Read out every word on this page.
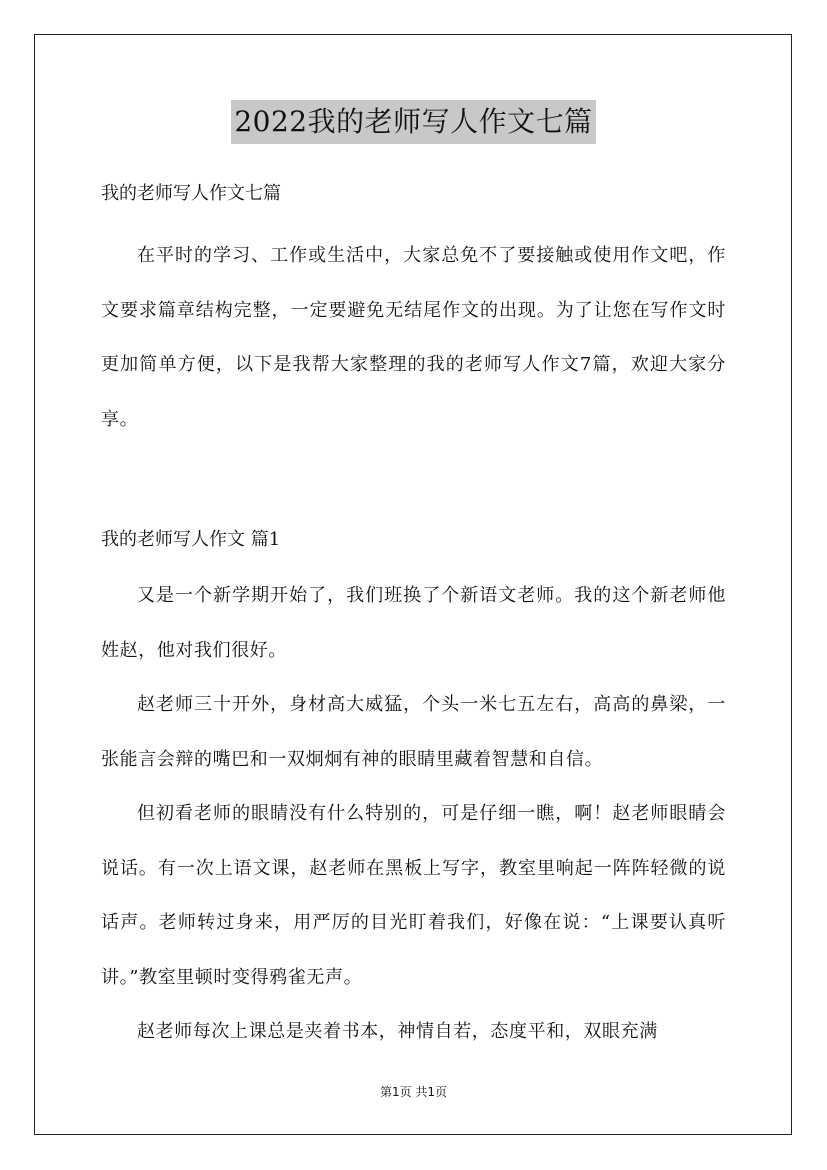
2022我的老师写人作文七篇

我的老师写人作文七篇

在平时的学习、工作或生活中，大家总免不了要接触或使用作文吧，作文要求篇章结构完整，一定要避免无结尾作文的出现。为了让您在写作文时更加简单方便，以下是我帮大家整理的我的老师写人作文7篇，欢迎大家分享。

我的老师写人作文 篇1

又是一个新学期开始了，我们班换了个新语文老师。我的这个新老师他姓赵，他对我们很好。

赵老师三十开外，身材高大威猛，个头一米七五左右，高高的鼻梁，一张能言会辩的嘴巴和一双炯炯有神的眼睛里藏着智慧和自信。

但初看老师的眼睛没有什么特别的，可是仔细一瞧，啊！赵老师眼睛会说话。有一次上语文课，赵老师在黑板上写字，教室里响起一阵阵轻微的说话声。老师转过身来，用严厉的目光盯着我们，好像在说：“上课要认真听讲。”教室里顿时变得鸦雀无声。

赵老师每次上课总是夹着书本，神情自若，态度平和，双眼充满

第1页 共1页
